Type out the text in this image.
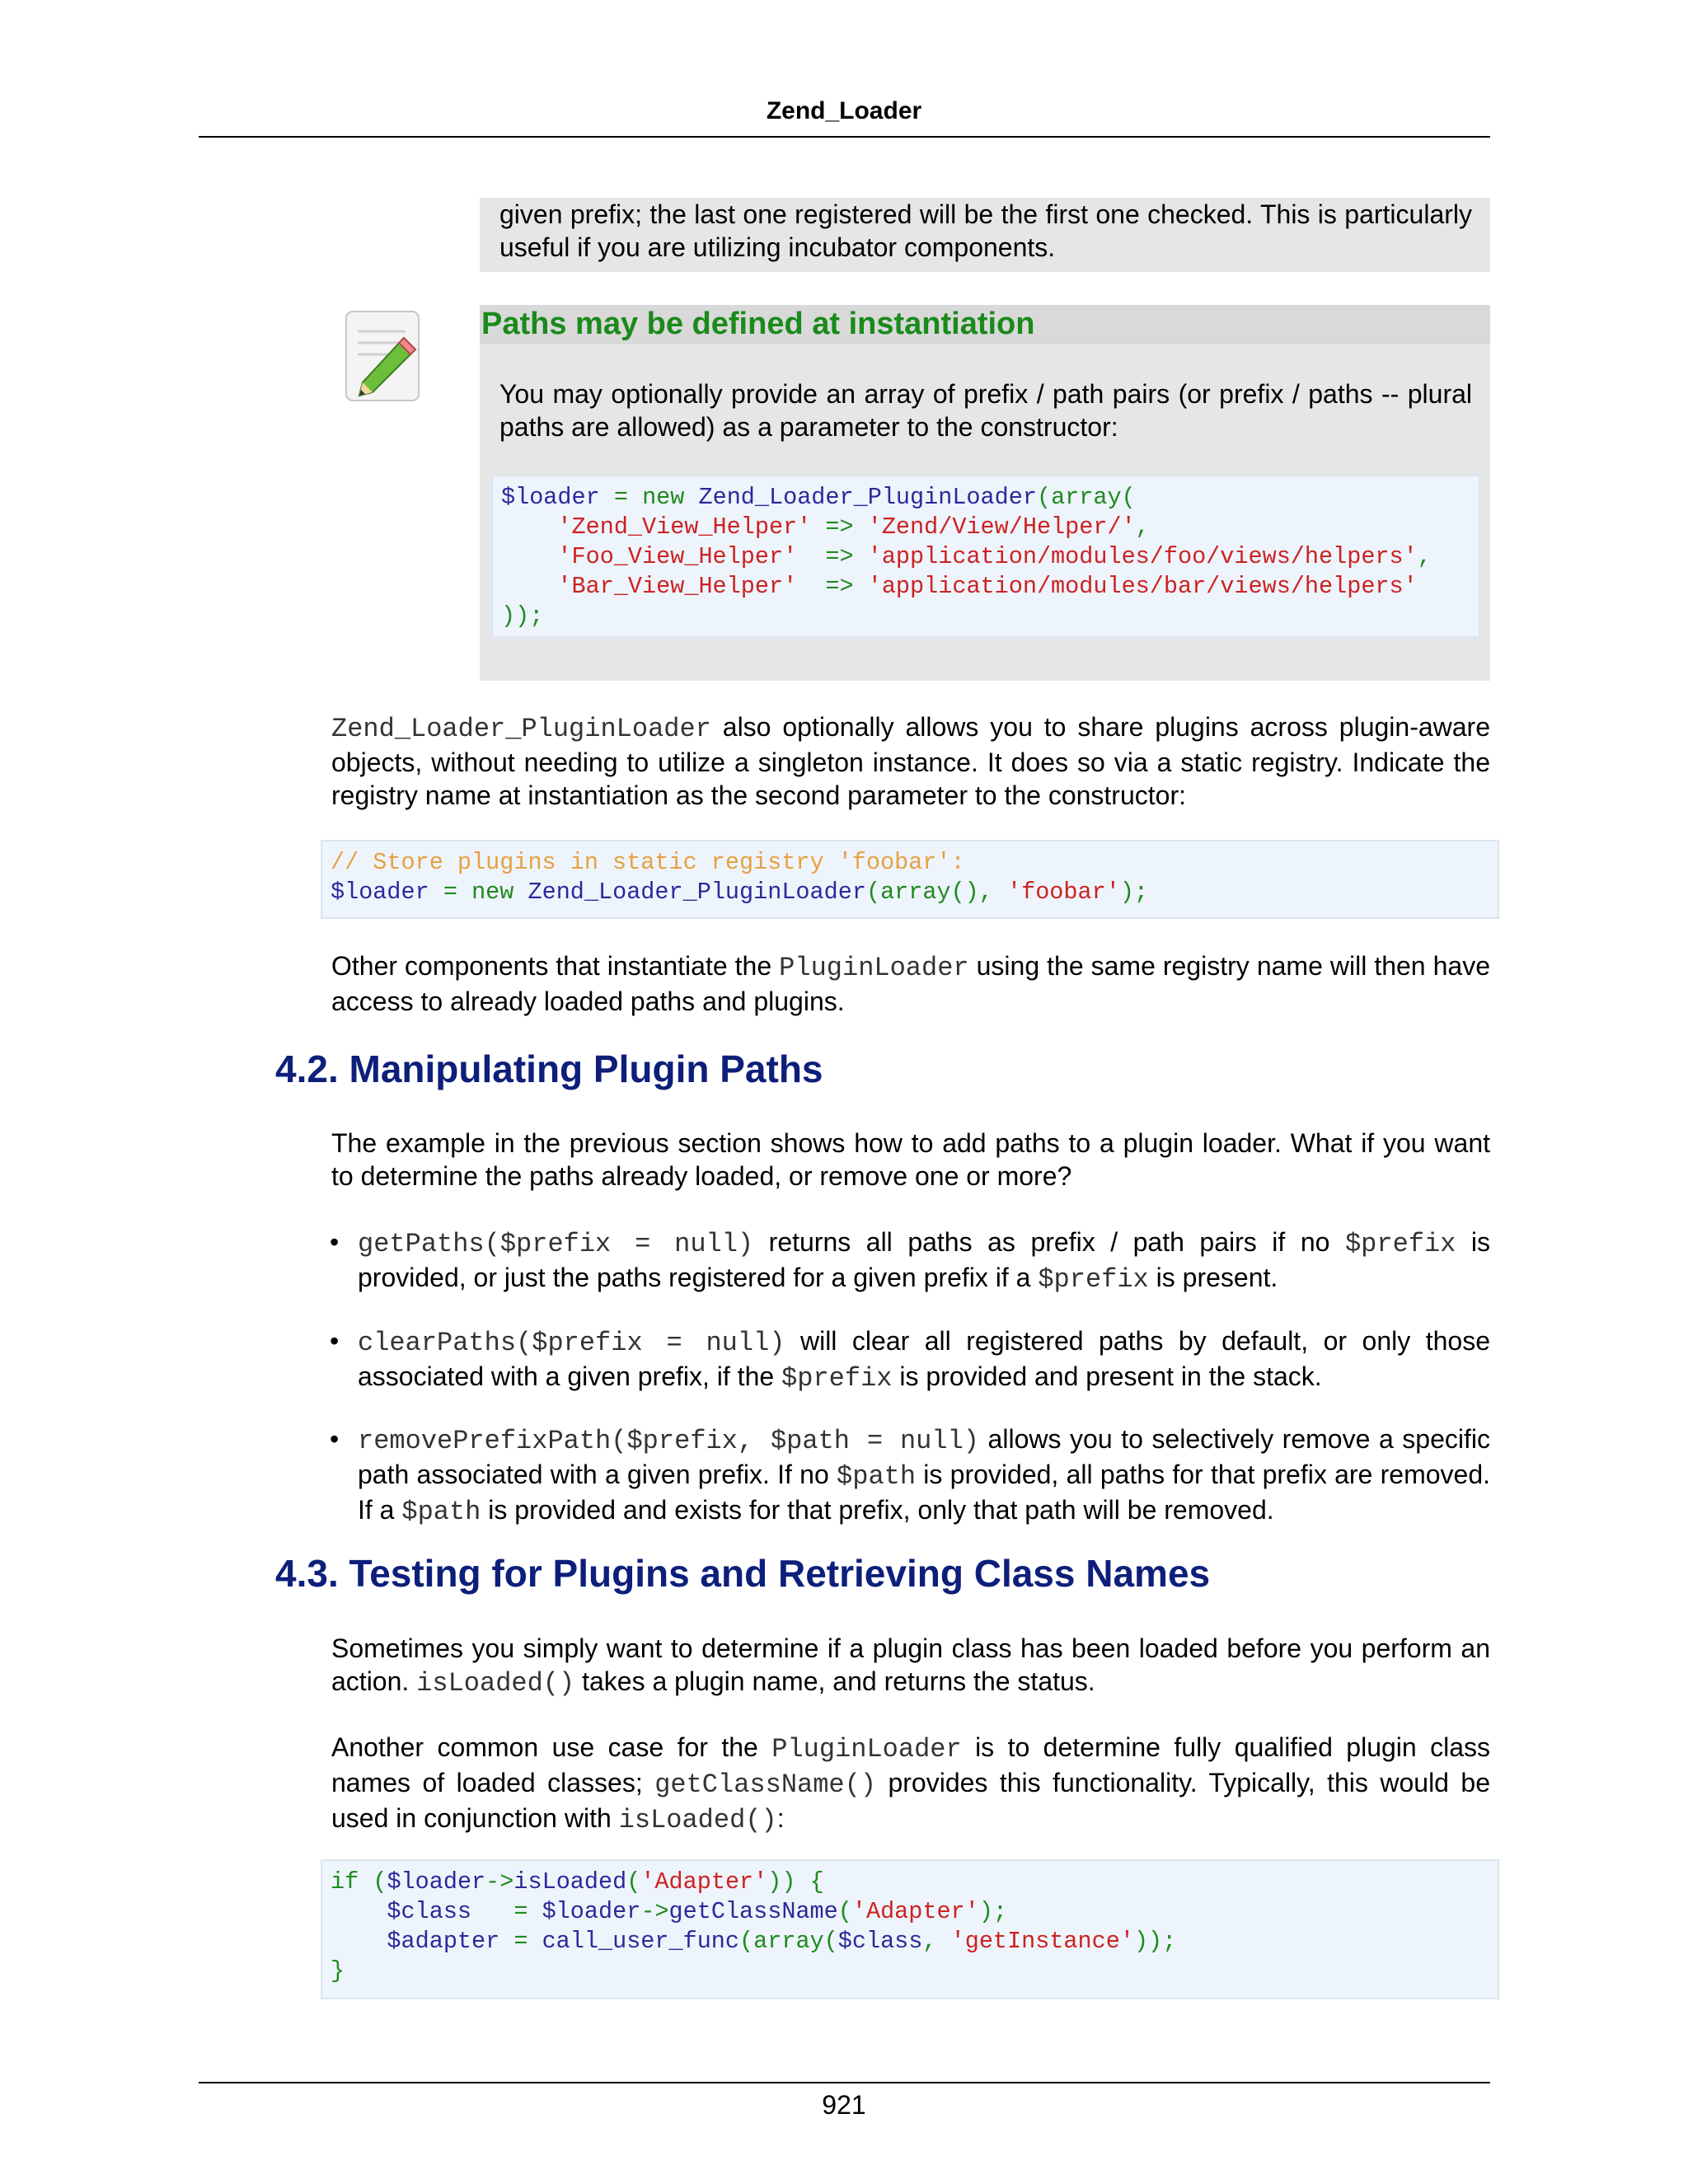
Zend_Loader
given prefix; the last one registered will be the first one checked. This is particularly useful if you are utilizing incubator components.
Paths may be defined at instantiation
You may optionally provide an array of prefix / path pairs (or prefix / paths -- plural paths are allowed) as a parameter to the constructor:
$loader = new Zend_Loader_PluginLoader(array(
'Zend_View_Helper' => 'Zend/View/Helper/',
'Foo_View_Helper' => 'application/modules/foo/views/helpers',
'Bar_View_Helper' => 'application/modules/bar/views/helpers'
));

Zend_Loader_PluginLoader also optionally allows you to share plugins across plugin-aware objects, without needing to utilize a singleton instance. It does so via a static registry. Indicate the registry name at instantiation as the second parameter to the constructor:

// Store plugins in static registry 'foobar':
$loader = new Zend_Loader_PluginLoader(array(), 'foobar');

Other components that instantiate the PluginLoader using the same registry name will then have access to already loaded paths and plugins.

4.2. Manipulating Plugin Paths

The example in the previous section shows how to add paths to a plugin loader. What if you want to determine the paths already loaded, or remove one or more?

• getPaths($prefix = null) returns all paths as prefix / path pairs if no $prefix is provided, or just the paths registered for a given prefix if a $prefix is present.
• clearPaths($prefix = null) will clear all registered paths by default, or only those associated with a given prefix, if the $prefix is provided and present in the stack.
• removePrefixPath($prefix, $path = null) allows you to selectively remove a specific path associated with a given prefix. If no $path is provided, all paths for that prefix are removed. If a $path is provided and exists for that prefix, only that path will be removed.
4.3. Testing for Plugins and Retrieving Class Names

Sometimes you simply want to determine if a plugin class has been loaded before you perform an action. isLoaded() takes a plugin name, and returns the status.

Another common use case for the PluginLoader is to determine fully qualified plugin class names of loaded classes; getClassName() provides this functionality. Typically, this would be used in conjunction with isLoaded():

if ($loader->isLoaded('Adapter')) {
$class = $loader->getClassName('Adapter');
$adapter = call_user_func(array($class, 'getInstance'));
}
921
